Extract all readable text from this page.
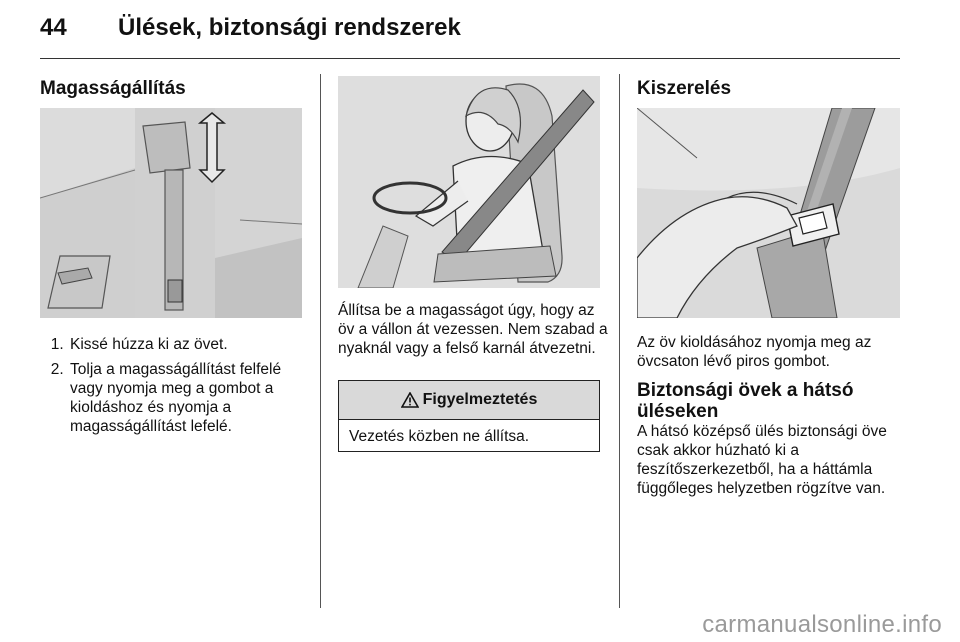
44 Ülések, biztonsági rendszerek
Magasságállítás
1. Kissé húzza ki az övet.
2. Tolja a magasságállítást felfelé vagy nyomja meg a gombot a kioldáshoz és nyomja a magasságállítást lefelé.
Állítsa be a magasságot úgy, hogy az öv a vállon át vezessen. Nem szabad a nyaknál vagy a felső karnál átvezetni.
Figyelmeztetés
Vezetés közben ne állítsa.
Kiszerelés
Az öv kioldásához nyomja meg az övcsaton lévő piros gombot.
Biztonsági övek a hátsó üléseken
A hátsó középső ülés biztonsági öve csak akkor húzható ki a feszítőszerkezetből, ha a háttámla függőleges helyzetben rögzítve van.
carmanualsonline.info
